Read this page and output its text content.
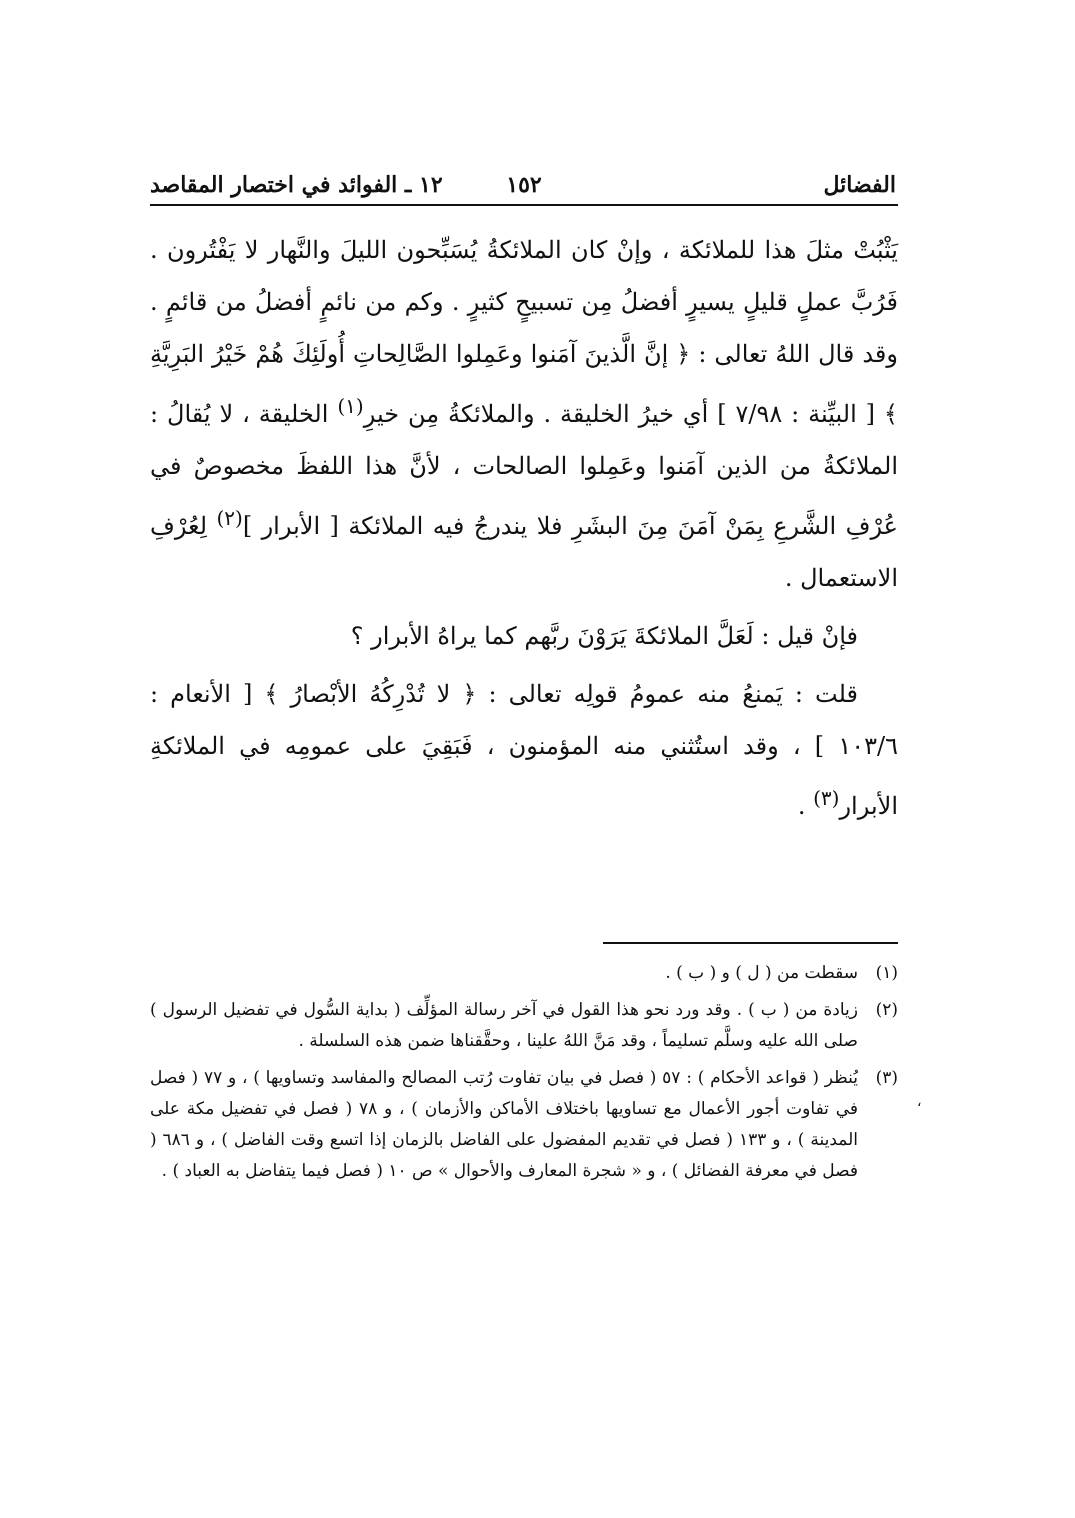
الفضائل
١٥٢
١٢ ـ الفوائد في اختصار المقاصد

يَثْبُتْ مثلَ هذا للملائكة ، وإنْ كان الملائكةُ يُسَبِّحون الليلَ والنَّهار لا يَفْتُرون . فَرُبَّ عملٍ قليلٍ يسيرٍ أفضلُ مِن تسبيحٍ كثيرٍ . وكم من نائمٍ أفضلُ من قائمٍ . وقد قال اللهُ تعالى : ﴿ إنَّ الَّذينَ آمَنوا وعَمِلوا الصَّالِحاتِ أُولَئِكَ هُمْ خَيْرُ البَرِيَّةِ ﴾ [ البيِّنة : ٧/٩٨ ] أي خيرُ الخليقة . والملائكةُ مِن خيرِ$^{(١)}$ الخليقة ، لا يُقالُ : الملائكةُ من الذين آمَنوا وعَمِلوا الصالحات ، لأنَّ هذا اللفظَ مخصوصٌ في عُرْفِ الشَّرعِ بِمَنْ آمَنَ مِنَ البشَرِ فلا يندرجُ فيه الملائكة [ الأبرار ]$^{(٢)}$ لِعُرْفِ الاستعمال .

فإنْ قيل : لَعَلَّ الملائكةَ يَرَوْنَ ربَّهم كما يراهُ الأبرار ؟

قلت : يَمنعُ منه عمومُ قولِه تعالى : ﴿ لا تُدْرِكُهُ الأبْصارُ ﴾ [ الأنعام : ١٠٣/٦ ] ، وقد استُثني منه المؤمنون ، فَبَقِيَ على عمومِه في الملائكةِ الأبرار$^{(٣)}$ .

(١)
سقطت من ( ل ) و ( ب ) .
(٢)
زيادة من ( ب ) . وقد ورد نحو هذا القول في آخر رسالة المؤلِّف ( بداية السُّول في تفضيل الرسول ) صلى الله عليه وسلَّم تسليماً ، وقد مَنَّ اللهُ علينا ، وحقَّقناها ضمن هذه السلسلة .
(٣)
يُنظر ( قواعد الأحكام ) : ٥٧ ( فصل في بيان تفاوت رُتب المصالح والمفاسد وتساويها ) ، و ٧٧ ( فصل في تفاوت أجور الأعمال مع تساويها باختلاف الأماكن والأزمان ) ، و ٧٨ ( فصل في تفضيل مكة على المدينة ) ، و ١٣٣ ( فصل في تقديم المفضول على الفاضل بالزمان إذا اتسع وقت الفاضل ) ، و ٦٨٦ ( فصل في معرفة الفضائل ) ، و « شجرة المعارف والأحوال » ص ١٠ ( فصل فيما يتفاضل به العباد ) .
،
